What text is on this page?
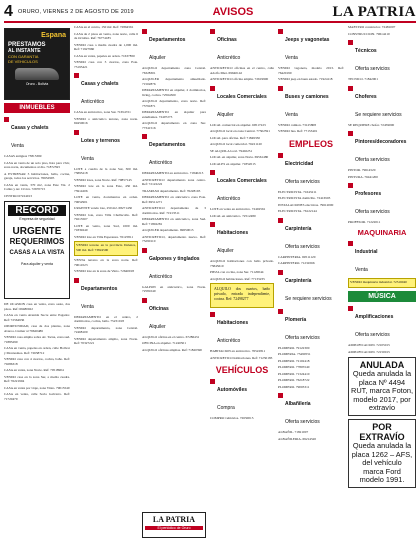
4 ORURO, VIERNES 2 DE AGOSTO DE 2019	AVISOS	LA PATRIA
Espana
PRESTAMOS
AL INSTANTE
CON GARANTIA
DE VEHICULOS
Oruro - Bolivia
INMUEBLES
Casas y chalets
Venta

CASAS antiguas 73815369

CASA en venta de un solo piso, lista para vivir, zona norte, documentos al dia. 71872593

A ESTRENAR 3 habitaciones, baño, cocina, garaje, todos los servicios. 76632905

CASA en venta, 370 m2, zona Este Viz. 2 Calles y Av. Cívica. 72670715

CENTRO 67224013

RECORD
Empresa de seguridad
URGENTE
REQUERIMOS
CASAS A LA VISTA
Para alquiler y venta

DE OCASION casa en venta, zona oeste, dos pisos. Ref: 69480022

CASA en venta Avenida Sucre entre Pagador. Ref: 72564936

OPORTUNIDAD, casa de dos plantas, zona Avaroa. Llamar al 79620486

VENDO casa amplia sobre Av. Tacna, zona sud. 71883290

CASA en venta, papeles en orden, calle Bolivar y Montesinos. Ref: 72658712

VENDO casa con 4 cuartos, cocina, baño. Ref: 70286318

CASA en venta, zona Norte. Ref: 70518904

VENDO casa en la zona Sur, a media cuadra. Ref: 76221904

CASA en venta por viaje, zona Vinto. 79015540

CASA en venta, calle Soria Galvarro. Ref: 71720470

CASA en el centro, 150 m2. Ref: 72864561

CASA de 2 pisos en venta, zona norte, calle 6 de Octubre. Ref: 76774185

VENDO casa a media cuadra de 1,000 m2. Ref: 71927960

CASA en venta, papeles en orden. 71637850

VENDO casa con 3 cuartos, zona Este. 73195421

Casas y chalets
Anticrético

CASA en anticretico, zona Sur. 71654721

VENDO o anticretico terreno, zona norte. 69450016

Lotes y terrenos
Venta

LOTE a cuadra de la zona Sur, 300 m2. 73895218

VENDO lotes, zona Norte. Ref: 70857145

VENDO lote en la zona Este, 450 m2. 73914206

LOTE en venta, documentos en orden. 70652901

URGENTE vendo lote, 250 m2. 68271430

VENDO lote, zona Villa Challacollo. Ref: 79213507

LOTE en venta, zona Sud, 1000 m2. 71839240

VENDO lote en Villa Esperanza. 76125811

VENDO terreno en la provincia Dalence, 500 m2. Ref: 73824590

VENTA terreno en la zona norte. Ref: 79014523

VENDO lote en la zona de Vinto. 72640018

Departamentos
Venta

DEPARTAMENTO en el centro, 2 dormitorios, cocina, baño. 75231018

VENDO departamento, zona Central. 72468100

VENDO departamento amplio, zona Norte. Ref: 70327221

Departamentos
Alquiler

ALQUILO departamento zona Central. 76328301

ALQUILER departamento amueblado. 71502876

DEPARTAMENTO en alquiler, 2 dormitorios, living, cocina. 72564300

ALQUILO departamento, zona norte. Ref: 75791871

DEPARTAMENTO en alquiler para estudiantes. 72407273

ALQUILO departamento en zona Sur. 77341516

Departamentos
Anticrético

DEPARTAMENTO en anticretico. 71840213

ANTICRETICO departamento zona centro. Ref: 72122222

TRASPASO departamento. Ref: 76228193

DEPARTAMENTO en anticretico zona Este. Ref: 69511271

ANTICRETICO departamento de 3 dormitorios. Ref: 71913511

DEPARTAMENTO en anticretico, zona Sud. Ref: 71802281

ALQUILER departamento. 69650013

ANTICRETICO, departamento nuevo. Ref: 73290110

Galpones y tinglados
Anticrético

GALPON en anticretico, zona Norte. 72581040

Oficinas
Alquiler

ALQUILO oficina en el centro. 67286431

OFICINA en alquiler. 71240301

ALQUILO oficinas amplias. Ref: 71820390

LA PATRIA
El periódico de Oruro
Oficinas
Anticrético

ANTICRETICO oficinas en el centro, calle Adolfo Mier. 69640142

ANTICRETICO oficina amplia. 72619900

Locales Comerciales
Alquiler

LOCAL comercial en alquiler. 69517223

ALQUILO local en zona Central. 77302591

LOCAL para oficina. Ref: 71849330

ALQUILO local comercial. 76221120

SE ALQUILA local. 79402251

LOCAL en alquiler, zona Norte. 69561480

LOCALES en alquiler. 71852015

Locales Comerciales
Anticrético

LOTE en venta en anticretico. 72402561

LOCAL en anticretico. 72512480

Habitaciones
Alquiler

ALQUILO habitaciones con baño privado. 73845610

PIEZA con cocina, zona Sur. 71120044

ALQUILO habitaciones. Ref: 77133235

ALQUILO dos cuartos, baño privado, entrada independiente, cocina. Ref: 72498277

Habitaciones
Anticrético

HABITACION en anticretico. 76522811

ANTICRETICO habitaciones. Ref: 71250183

VEHÍCULOS
Automóviles
Compra

COMPRO vehiculos. 72650015

Jeeps y vagonetas
Venta

VENDO vagoneta, modelo 2013. Ref: 76420190

VENDO jeep en buen estado. 71924118

Buses y camiones
Venta

VENDO camion. 73125808

VENDO bus. Ref: 77153401

EMPLEOS
Electricidad
Oferta servicios

ELECTRICISTA. 71643211

ELECTRICISTA domicilio. 72416503

INSTALACIONES electricas. 79612000

ELECTRICISTA. 76122144

Carpintería
Oferta servicios

CARPINTERIA. 69511120

CARPINTERO. 71234566

Carpintería
Se requiere servicios
Plomería
Oferta servicios

PLOMERO. 79122300

PLOMERIA. 73490551

PLOMERO. 72102418

PLOMERO. 77805540

PLOMERO. 71324410

PLOMERO. 76218722

PLOMERO. 79003311

Albañilería
Oferta servicios

ALBAÑIL. 71821007

ALBAÑILERIA. 69214520

MAESTRO constructor. 72481007

CONSTRUCCION. 79614210

Técnicos
Oferta servicios

TECNICO. 71842001

Choferes
Se requiere servicios

SE REQUIERE chofer. 72459000

Pintores/decoradores
Oferta servicios

PINTOR. 79614520

PINTURA. 76441200

Profesores
Oferta servicios

PROFESOR. 71222011

MAQUINARIA
Industrial
Venta

VENDO maquinaria industrial. 72516040

MÚSICA
Amplificaciones
Oferta servicios

AMPLIFICACION. 72105015

AMPLIFICACION. 72150015

ANULADA
Queda anulada la placa Nº 4494 RUT, marca Foton, modelo 2017, por extravío
POR EXTRAVÍO
Queda anulada la placa 1262 – AFS, del vehículo marca Ford modelo 1991.
